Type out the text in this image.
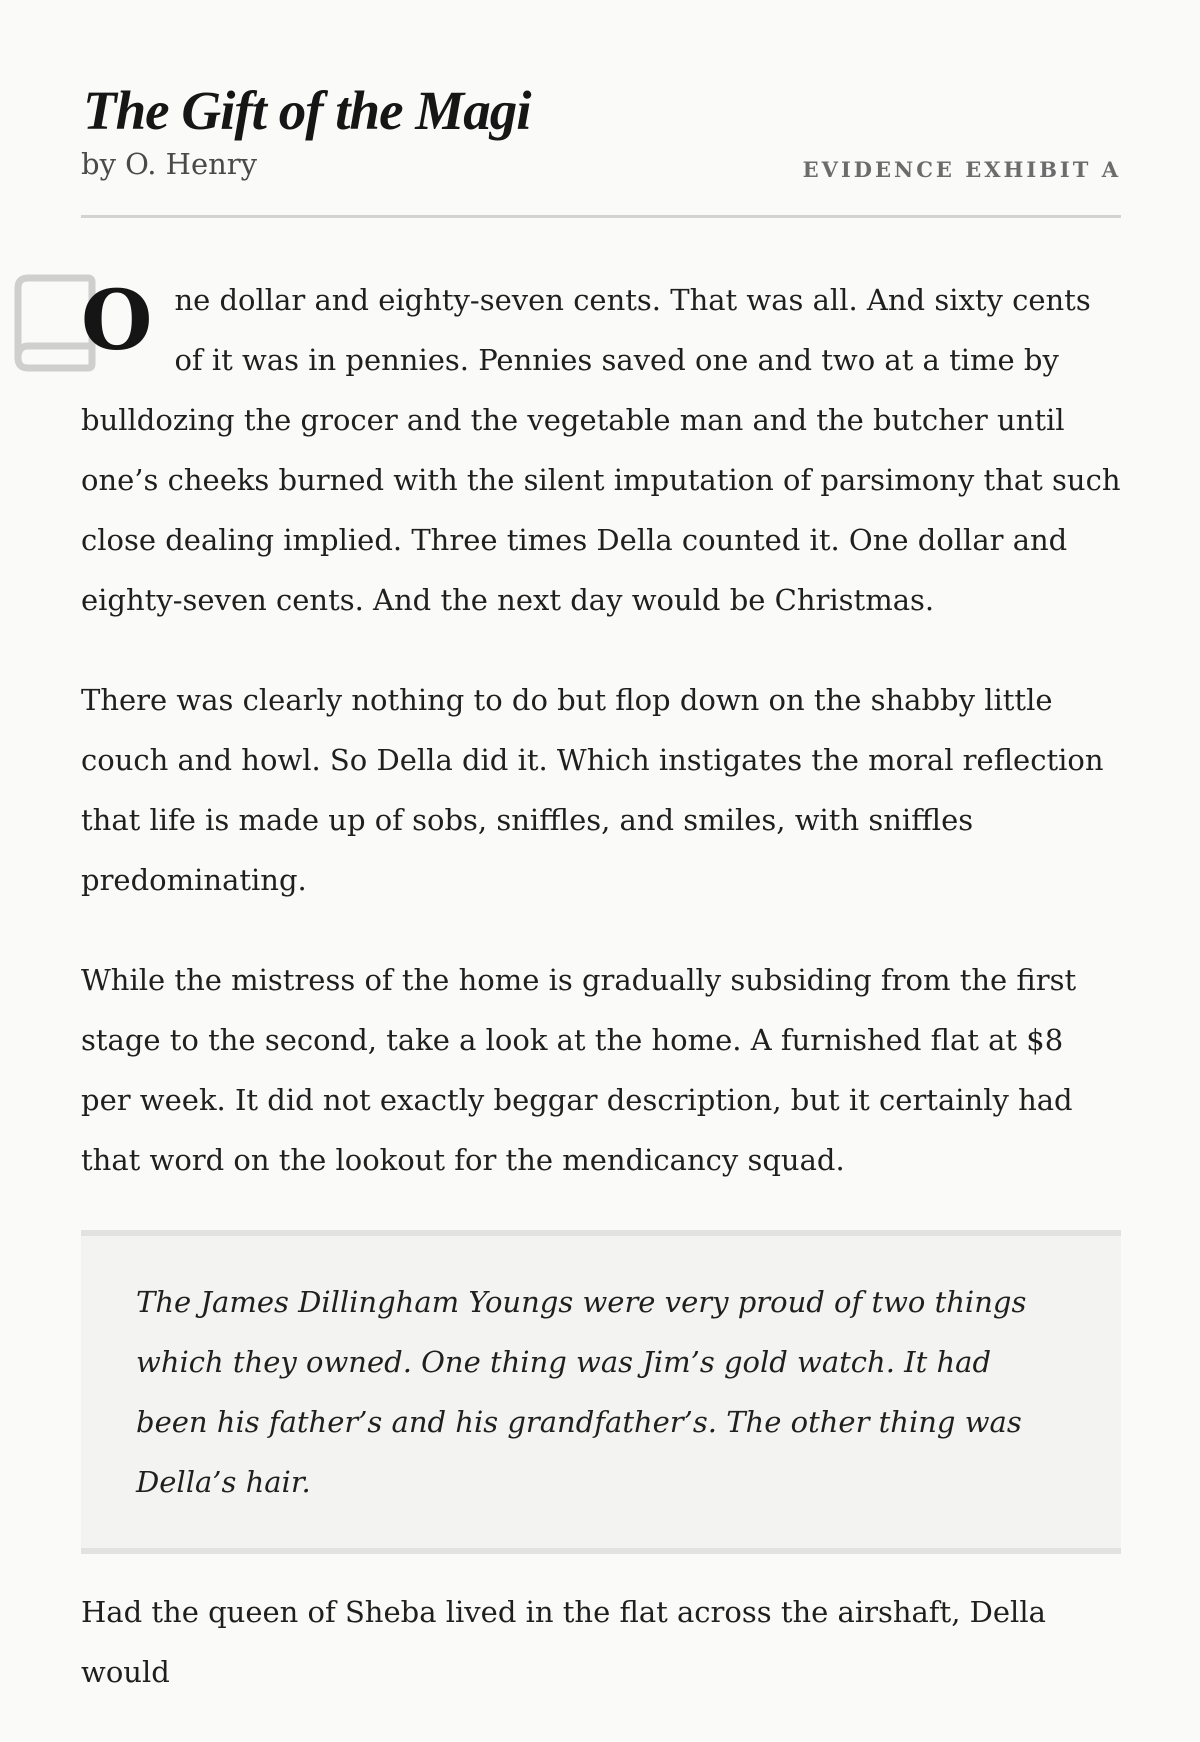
The Gift of the Magi
by O. Henry	EVIDENCE EXHIBIT A

One dollar and eighty-seven cents. That was all. And sixty cents of it was in pennies. Pennies saved one and two at a time by bulldozing the grocer and the vegetable man and the butcher until one’s cheeks burned with the silent imputation of parsimony that such close dealing implied. Three times Della counted it. One dollar and eighty-seven cents. And the next day would be Christmas.

There was clearly nothing to do but flop down on the shabby little couch and howl. So Della did it. Which instigates the moral reflection that life is made up of sobs, sniffles, and smiles, with sniffles predominating.

While the mistress of the home is gradually subsiding from the first stage to the second, take a look at the home. A furnished flat at $8 per week. It did not exactly beggar description, but it certainly had that word on the lookout for the mendicancy squad.

The James Dillingham Youngs were very proud of two things which they owned. One thing was Jim’s gold watch. It had been his father’s and his grandfather’s. The other thing was Della’s hair.

Had the queen of Sheba lived in the flat across the airshaft, Della would
